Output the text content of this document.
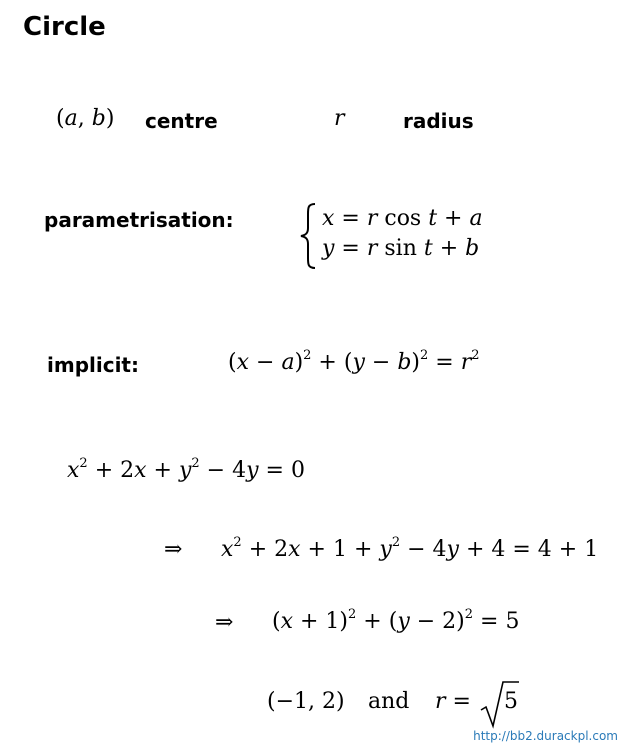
Circle
(a, b) centre	r	radius
parametrisation:	x = r cos t + a
y = r sin t + b
implicit:	$(x - a)^2 + (y - b)^2 = r^2$
$x^2 + 2x + y^2 - 4y = 0$
⇒ $x^2 + 2x + 1 + y^2 - 4y + 4 = 4 + 1$
⇒ $(x + 1)^2 + (y - 2)^2 = 5$
(−1, 2) and r = 5
http://bb2.durackpl.com
